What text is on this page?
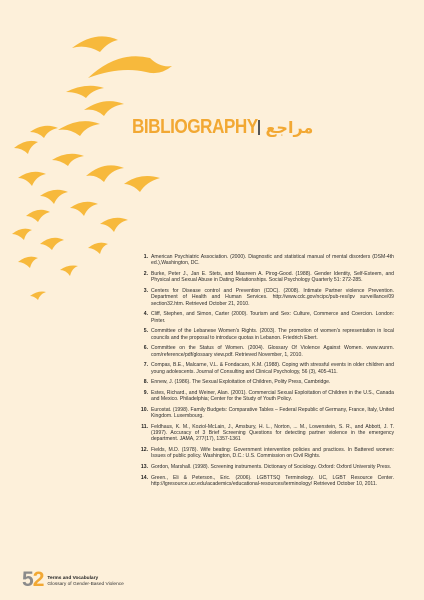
BIBLIOGRAPHY مراجع
1. American Psychiatric Association. (2000). Diagnostic and statistical manual of mental disorders (DSM-4th ed.),Washington, DC.
2. Burke, Peter J., Jan E. Stets, and Maureen A. Pirog-Good. (1988). Gender Identity, Self-Esteem, and Physical and Sexual Abuse in Dating Relationships. Social Psychology Quarterly 51: 272-285.
3. Centers for Disease control and Prevention (CDC). (2008). Intimate Partner violence Prevention. Department of Health and Human Services. http://www.cdc.gov/ncipc/pub-res/ipv surveillance/09 section32.htm. Retrieved October 21, 2010.
4. Cliff, Stephen, and Simon, Carter (2000). Tourism and Sex: Culture, Commerce and Coercion. London: Pinter.
5. Committee of the Lebanese Women's Rights. (2003). The promotion of women's representation in local councils and the proposal to introduce quotas in Lebanon. Friedrich Ebert.
6. Committee on the Status of Women. (2004). Glossary Of Violence Against Women. www.wunrn. com/reference/pdf/glossary view.pdf. Retrieved November, 1, 2010.
7. Compas, B.E., Malcarne, V.L. & Fondacaro, K.M. (1988). Coping with stressful events in older children and young adolescents. Journal of Consulting and Clinical Psychology, 56 (3), 405-411.
8. Ennew, J. (1986). The Sexual Exploitation of Children, Polity Press, Cambridge.
9. Estes, Richard., and Weiner, Alan. (2001). Commercial Sexual Exploitation of Children in the U.S., Canada and Mexico. Philadelphia; Center for the Study of Youth Policy.
10. Eurostat. (1998). Family Budgets: Comparative Tables – Federal Republic of Germany, France, Italy, United Kingdom. Luxembourg.
11. Feldhaus, K. M., Koziol-McLain, J., Amsbury, H. L., Norton, ... M., Lowenstein, S. R., and Abbott, J. T. (1997). Accuracy of 3 Brief Screening Questions for detecting partner violence in the emergency department. JAMA, 277(17), 1357-1361
12. Fields, M.D. (1978). Wife beating: Government intervention policies and practices. In Battered women: Issues of public policy. Washington, D.C.: U.S. Commission on Civil Rights.
13. Gordon, Marshall. (1998). Screening instruments. Dictionary of Sociology. Oxford: Oxford University Press.
14. Green., Eli & Peterson., Eric. (2006). LGBTTSQ Terminology. UC, LGBT Resource Center. http://lgresource.ucr.edu/academics/educational-resources/terminology/ Retrieved October 10, 2011.
52 Terms and Vocabulary
Glossary of Gender-Based Violence
